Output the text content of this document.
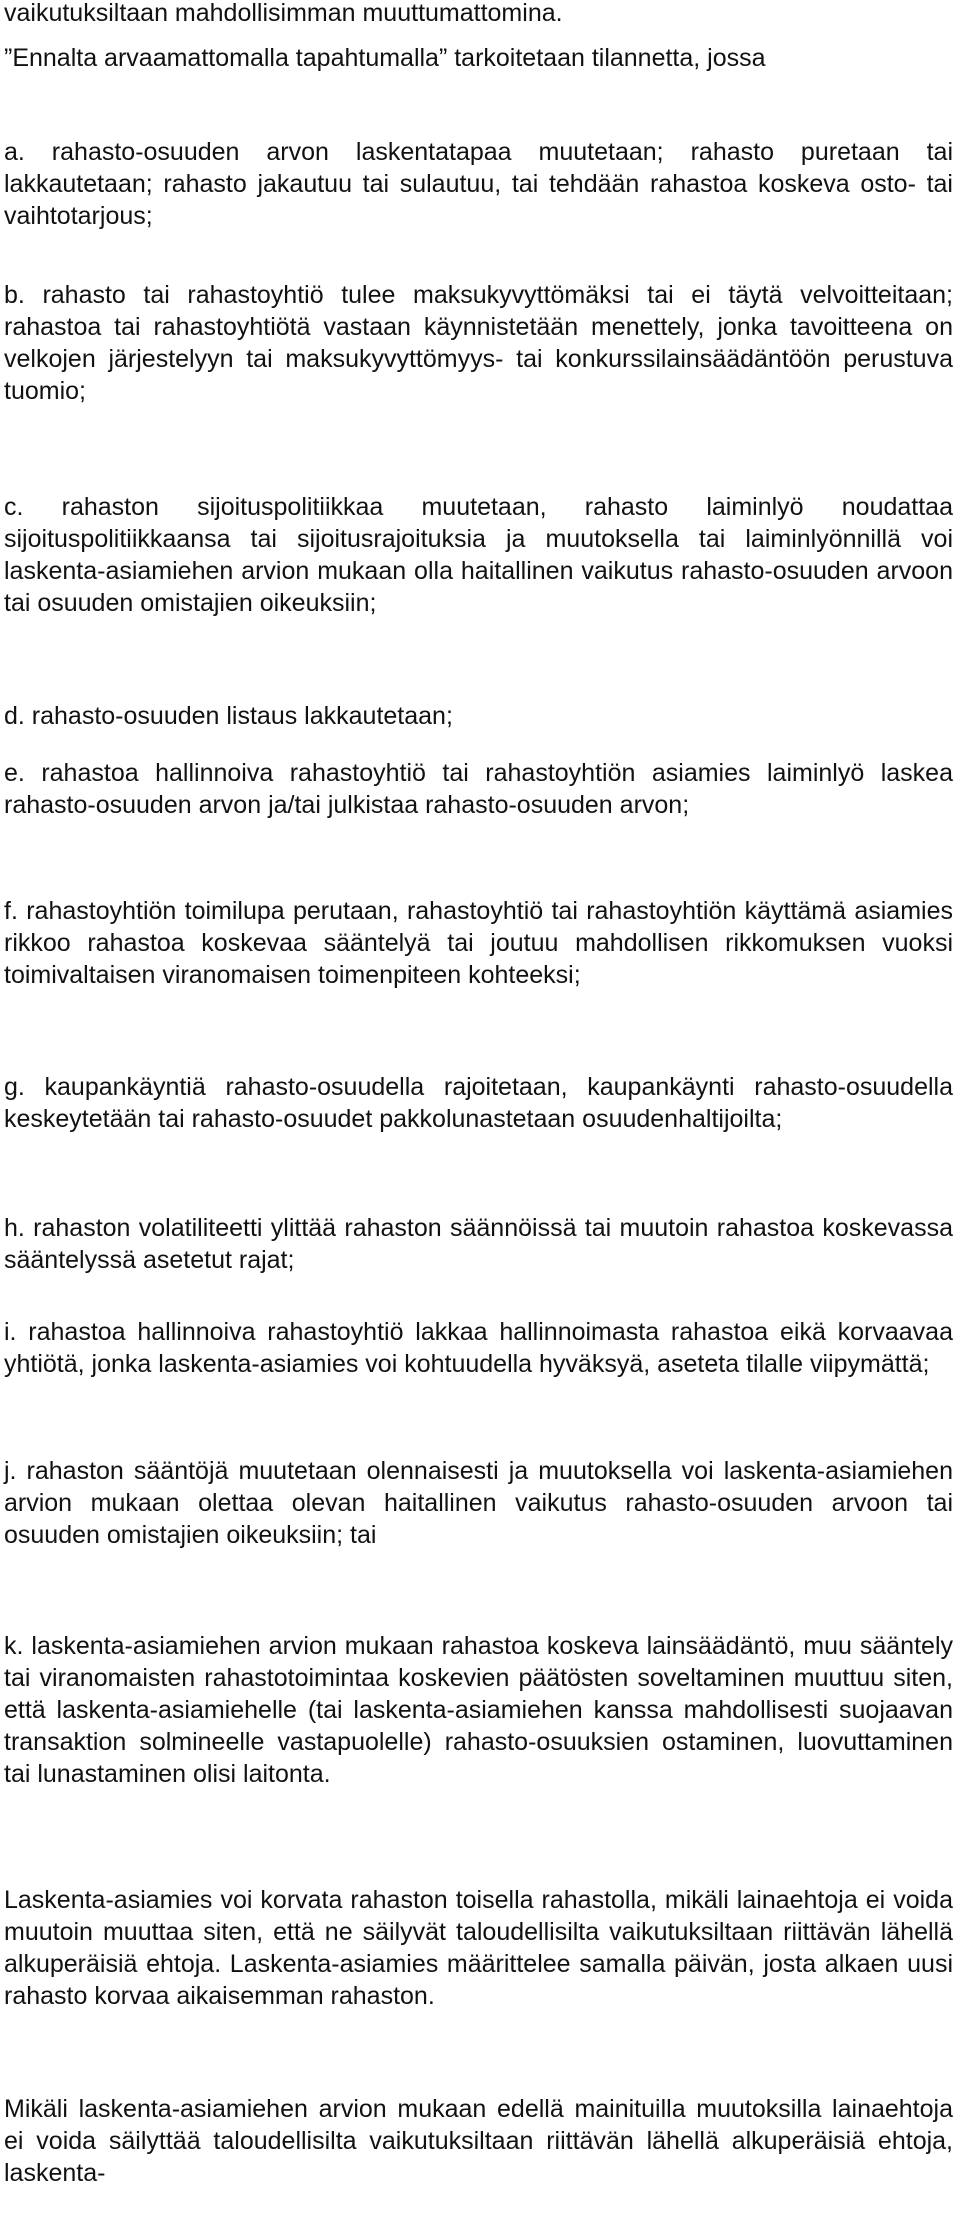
vaikutuksiltaan mahdollisimman muuttumattomina.

”Ennalta arvaamattomalla tapahtumalla” tarkoitetaan tilannetta, jossa

a. rahasto-osuuden arvon laskentatapaa muutetaan; rahasto puretaan tai lakkautetaan; rahasto jakautuu tai sulautuu, tai tehdään rahastoa koskeva osto- tai vaihtotarjous;

b. rahasto tai rahastoyhtiö tulee maksukyvyttömäksi tai ei täytä velvoitteitaan; rahastoa tai rahastoyhtiötä vastaan käynnistetään menettely, jonka tavoitteena on velkojen järjestelyyn tai maksukyvyttömyys- tai konkurssilainsäädäntöön perustuva tuomio;

c. rahaston sijoituspolitiikkaa muutetaan, rahasto laiminlyö noudattaa sijoituspolitiikkaansa tai sijoitusrajoituksia ja muutoksella tai laiminlyönnillä voi laskenta-asiamiehen arvion mukaan olla haitallinen vaikutus rahasto-osuuden arvoon tai osuuden omistajien oikeuksiin;

d. rahasto-osuuden listaus lakkautetaan;

e. rahastoa hallinnoiva rahastoyhtiö tai rahastoyhtiön asiamies laiminlyö laskea rahasto-osuuden arvon ja/tai julkistaa rahasto-osuuden arvon;

f. rahastoyhtiön toimilupa perutaan, rahastoyhtiö tai rahastoyhtiön käyttämä asiamies rikkoo rahastoa koskevaa sääntelyä tai joutuu mahdollisen rikkomuksen vuoksi toimivaltaisen viranomaisen toimenpiteen kohteeksi;

g. kaupankäyntiä rahasto-osuudella rajoitetaan, kaupankäynti rahasto-osuudella keskeytetään tai rahasto-osuudet pakkolunastetaan osuudenhaltijoilta;

h. rahaston volatiliteetti ylittää rahaston säännöissä tai muutoin rahastoa koskevassa sääntelyssä asetetut rajat;

i. rahastoa hallinnoiva rahastoyhtiö lakkaa hallinnoimasta rahastoa eikä korvaavaa yhtiötä, jonka laskenta-asiamies voi kohtuudella hyväksyä, aseteta tilalle viipymättä;

j. rahaston sääntöjä muutetaan olennaisesti ja muutoksella voi laskenta-asiamiehen arvion mukaan olettaa olevan haitallinen vaikutus rahasto-osuuden arvoon tai osuuden omistajien oikeuksiin; tai

k. laskenta-asiamiehen arvion mukaan rahastoa koskeva lainsäädäntö, muu sääntely tai viranomaisten rahastotoimintaa koskevien päätösten soveltaminen muuttuu siten, että laskenta-asiamiehelle (tai laskenta-asiamiehen kanssa mahdollisesti suojaavan transaktion solmineelle vastapuolelle) rahasto-osuuksien ostaminen, luovuttaminen tai lunastaminen olisi laitonta.

Laskenta-asiamies voi korvata rahaston toisella rahastolla, mikäli lainaehtoja ei voida muutoin muuttaa siten, että ne säilyvät taloudellisilta vaikutuksiltaan riittävän lähellä alkuperäisiä ehtoja. Laskenta-asiamies määrittelee samalla päivän, josta alkaen uusi rahasto korvaa aikaisemman rahaston.

Mikäli laskenta-asiamiehen arvion mukaan edellä mainituilla muutoksilla lainaehtoja ei voida säilyttää taloudellisilta vaikutuksiltaan riittävän lähellä alkuperäisiä ehtoja, laskenta-
